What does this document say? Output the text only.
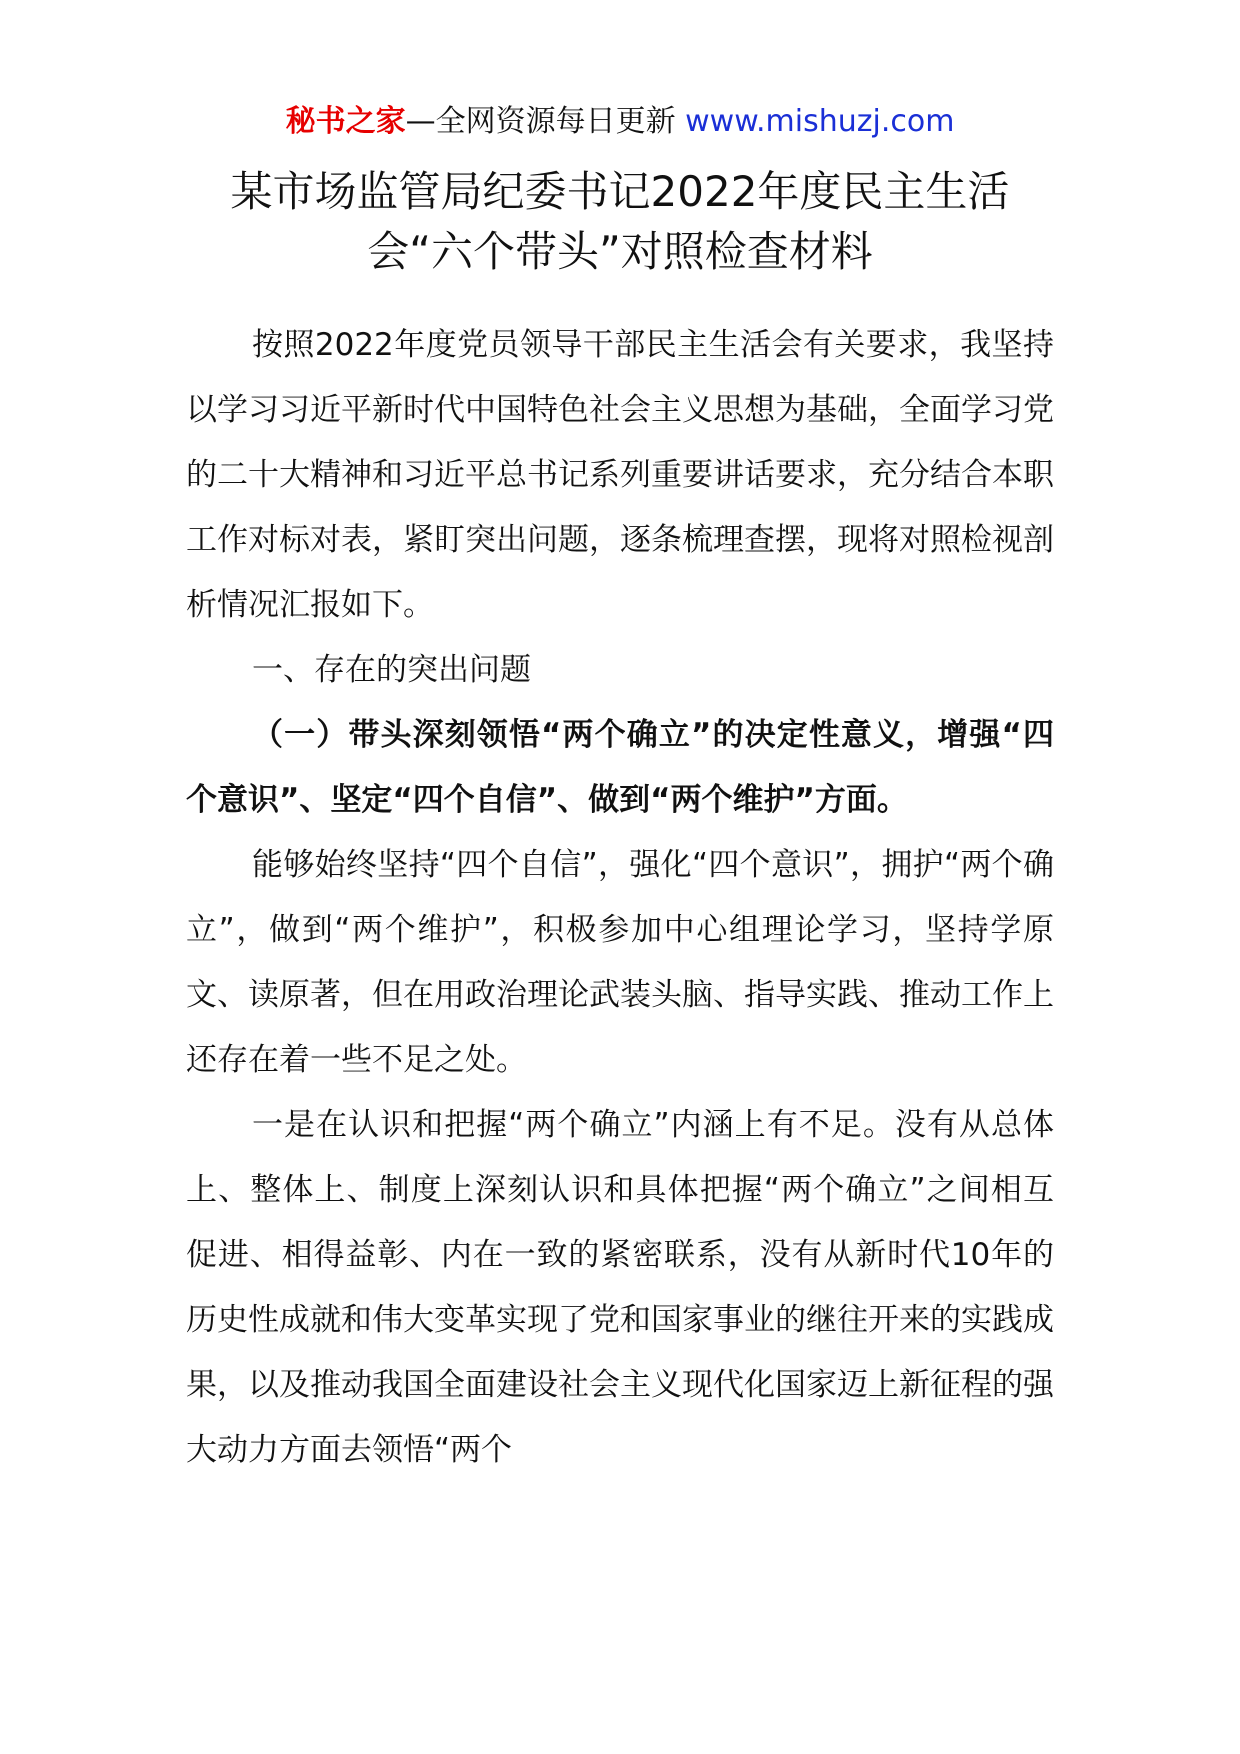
秘书之家—全网资源每日更新 www.mishuzj.com
某市场监管局纪委书记2022年度民主生活
会“六个带头”对照检查材料

按照2022年度党员领导干部民主生活会有关要求，我坚持以学习习近平新时代中国特色社会主义思想为基础，全面学习党的二十大精神和习近平总书记系列重要讲话要求，充分结合本职工作对标对表，紧盯突出问题，逐条梳理查摆，现将对照检视剖析情况汇报如下。

一、存在的突出问题

（一）带头深刻领悟“两个确立”的决定性意义，增强“四个意识”、坚定“四个自信”、做到“两个维护”方面。

能够始终坚持“四个自信”，强化“四个意识”，拥护“两个确立”，做到“两个维护”，积极参加中心组理论学习，坚持学原文、读原著，但在用政治理论武装头脑、指导实践、推动工作上还存在着一些不足之处。

一是在认识和把握“两个确立”内涵上有不足。没有从总体上、整体上、制度上深刻认识和具体把握“两个确立”之间相互促进、相得益彰、内在一致的紧密联系，没有从新时代10年的历史性成就和伟大变革实现了党和国家事业的继往开来的实践成果，以及推动我国全面建设社会主义现代化国家迈上新征程的强大动力方面去领悟“两个
